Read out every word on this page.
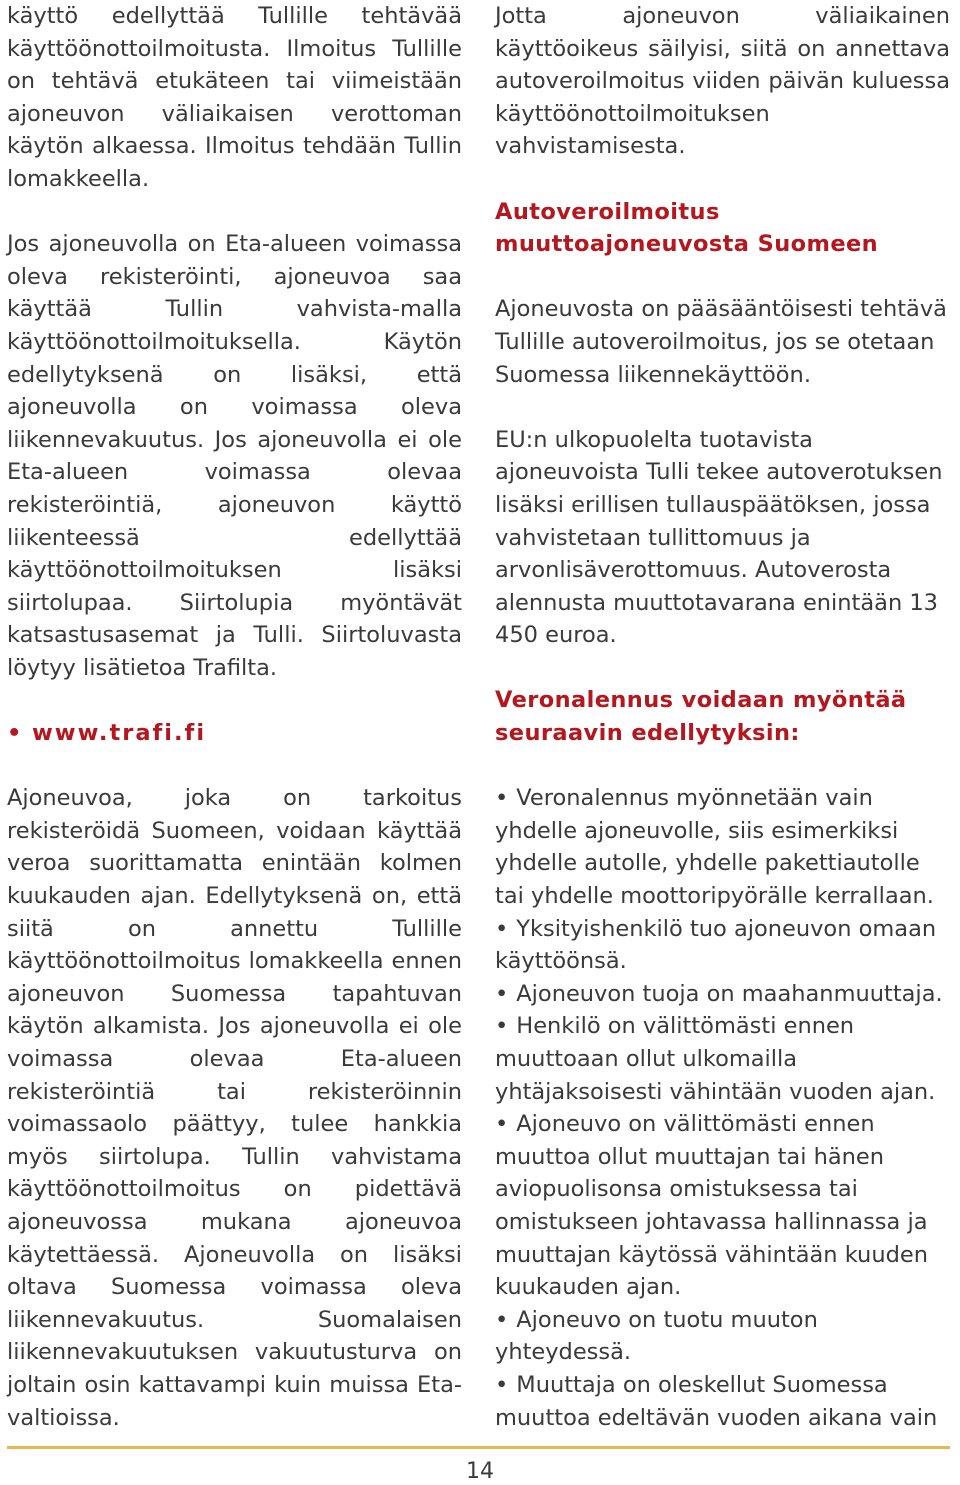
käyttö edellyttää Tullille tehtävää käyttöönottoilmoitusta. Ilmoitus Tullille on tehtävä etukäteen tai viimeistään ajoneuvon väliaikaisen verottoman käytön alkaessa. Ilmoitus tehdään Tullin lomakkeella.

Jos ajoneuvolla on Eta-alueen voimassa oleva rekisteröinti, ajoneuvoa saa käyttää Tullin vahvista-malla käyttöönottoilmoituksella. Käytön edellytyksenä on lisäksi, että ajoneuvolla on voimassa oleva liikennevakuutus. Jos ajoneuvolla ei ole Eta-alueen voimassa olevaa rekisteröintiä, ajoneuvon käyttö liikenteessä edellyttää käyttöönottoilmoituksen lisäksi siirtolupaa. Siirtolupia myöntävät katsastusasemat ja Tulli. Siirtoluvasta löytyy lisätietoa Trafilta.

• www.trafi.fi

Ajoneuvoa, joka on tarkoitus rekisteröidä Suomeen, voidaan käyttää veroa suorittamatta enintään kolmen kuukauden ajan. Edellytyksenä on, että siitä on annettu Tullille käyttöönottoilmoitus lomakkeella ennen ajoneuvon Suomessa tapahtuvan käytön alkamista. Jos ajoneuvolla ei ole voimassa olevaa Eta-alueen rekisteröintiä tai rekisteröinnin voimassaolo päättyy, tulee hankkia myös siirtolupa. Tullin vahvistama käyttöönottoilmoitus on pidettävä ajoneuvossa mukana ajoneuvoa käytettäessä. Ajoneuvolla on lisäksi oltava Suomessa voimassa oleva liikennevakuutus. Suomalaisen liikennevakuutuksen vakuutusturva on joltain osin kattavampi kuin muissa Eta-valtioissa.

Jotta ajoneuvon väliaikainen käyttöoikeus säilyisi, siitä on annettava autoveroilmoitus viiden päivän kuluessa käyttöönottoilmoituksen vahvistamisesta.

Autoveroilmoitus muuttoajoneuvosta Suomeen

Ajoneuvosta on pääsääntöisesti tehtävä Tullille autoveroilmoitus, jos se otetaan Suomessa liikennekäyttöön.

EU:n ulkopuolelta tuotavista ajoneuvoista Tulli tekee autoverotuksen lisäksi erillisen tullauspäätöksen, jossa vahvistetaan tullittomuus ja arvonlisäverottomuus. Autoverosta alennusta muuttotavarana enintään 13 450 euroa.

Veronalennus voidaan myöntää seuraavin edellytyksin:

• Veronalennus myönnetään vain yhdelle ajoneuvolle, siis esimerkiksi yhdelle autolle, yhdelle pakettiautolle tai yhdelle moottoripyörälle kerrallaan.
• Yksityishenkilö tuo ajoneuvon omaan käyttöönsä.
• Ajoneuvon tuoja on maahanmuuttaja.
• Henkilö on välittömästi ennen muuttoaan ollut ulkomailla yhtäjaksoisesti vähintään vuoden ajan.
• Ajoneuvo on välittömästi ennen muuttoa ollut muuttajan tai hänen aviopuolisonsa omistuksessa tai omistukseen johtavassa hallinnassa ja muuttajan käytössä vähintään kuuden kuukauden ajan.
• Ajoneuvo on tuotu muuton yhteydessä.
• Muuttaja on oleskellut Suomessa muuttoa edeltävän vuoden aikana vain
14
